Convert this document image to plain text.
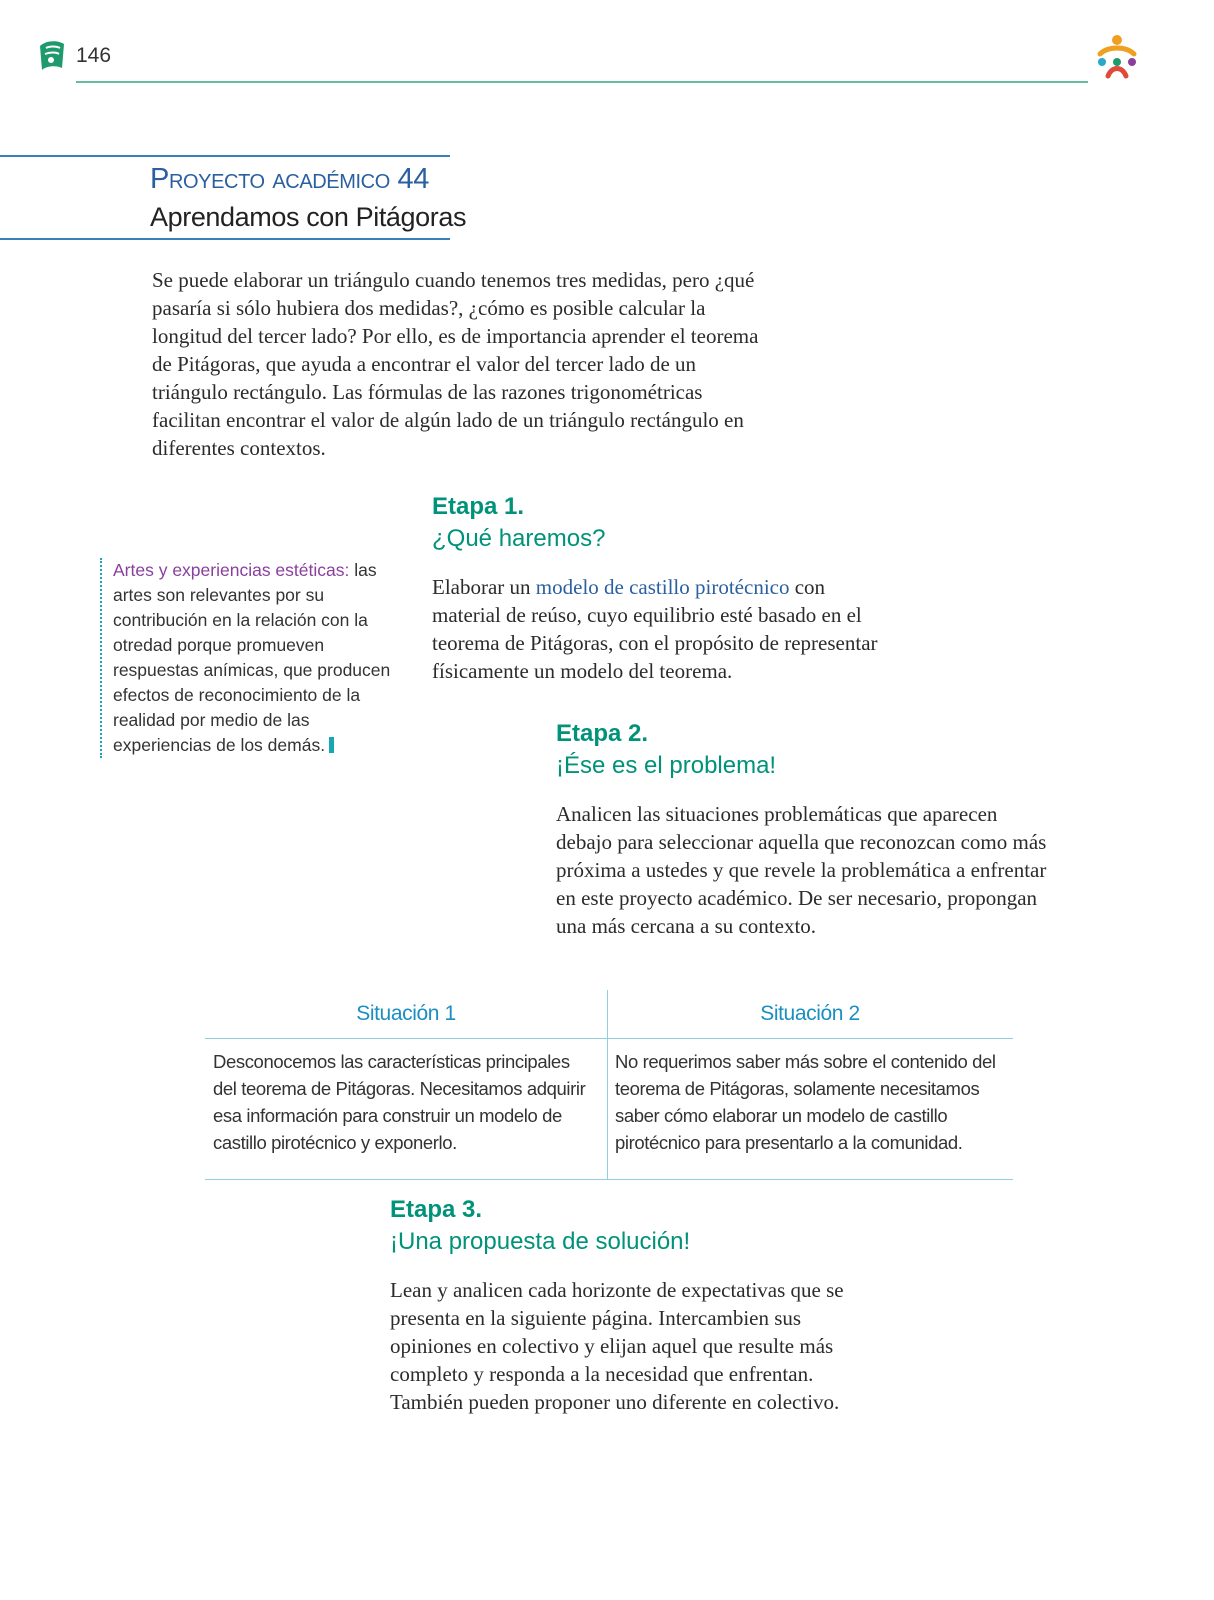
146
Proyecto académico 44
Aprendamos con Pitágoras

Se puede elaborar un triángulo cuando tenemos tres medidas, pero ¿qué pasaría si sólo hubiera dos medidas?, ¿cómo es posible calcular la longitud del tercer lado? Por ello, es de importancia aprender el teorema de Pitágoras, que ayuda a encontrar el valor del tercer lado de un triángulo rectángulo. Las fórmulas de las razones trigonométricas facilitan encontrar el valor de algún lado de un triángulo rectángulo en diferentes contextos.

Etapa 1.
¿Qué haremos?

Elaborar un modelo de castillo pirotécnico con material de reúso, cuyo equilibrio esté basado en el teorema de Pitágoras, con el propósito de representar físicamente un modelo del teorema.

Artes y experiencias estéticas: las artes son relevantes por su contribución en la relación con la otredad porque promueven respuestas anímicas, que producen efectos de reconocimiento de la realidad por medio de las experiencias de los demás.	Etapa 2.
¡Ése es el problema!

Analicen las situaciones problemáticas que aparecen debajo para seleccionar aquella que reconozcan como más próxima a ustedes y que revele la problemática a enfrentar en este proyecto académico. De ser necesario, propongan una más cercana a su contexto.

Situación 1	Situación 2
Desconocemos las características principales del teorema de Pitágoras. Necesitamos adquirir esa información para construir un modelo de castillo pirotécnico y exponerlo.
No requerimos saber más sobre el contenido del teorema de Pitágoras, solamente necesitamos saber cómo elaborar un modelo de castillo pirotécnico para presentarlo a la comunidad.
Etapa 3.
¡Una propuesta de solución!

Lean y analicen cada horizonte de expectativas que se presenta en la siguiente página. Intercambien sus opiniones en colectivo y elijan aquel que resulte más completo y responda a la necesidad que enfrentan. También pueden proponer uno diferente en colectivo.
